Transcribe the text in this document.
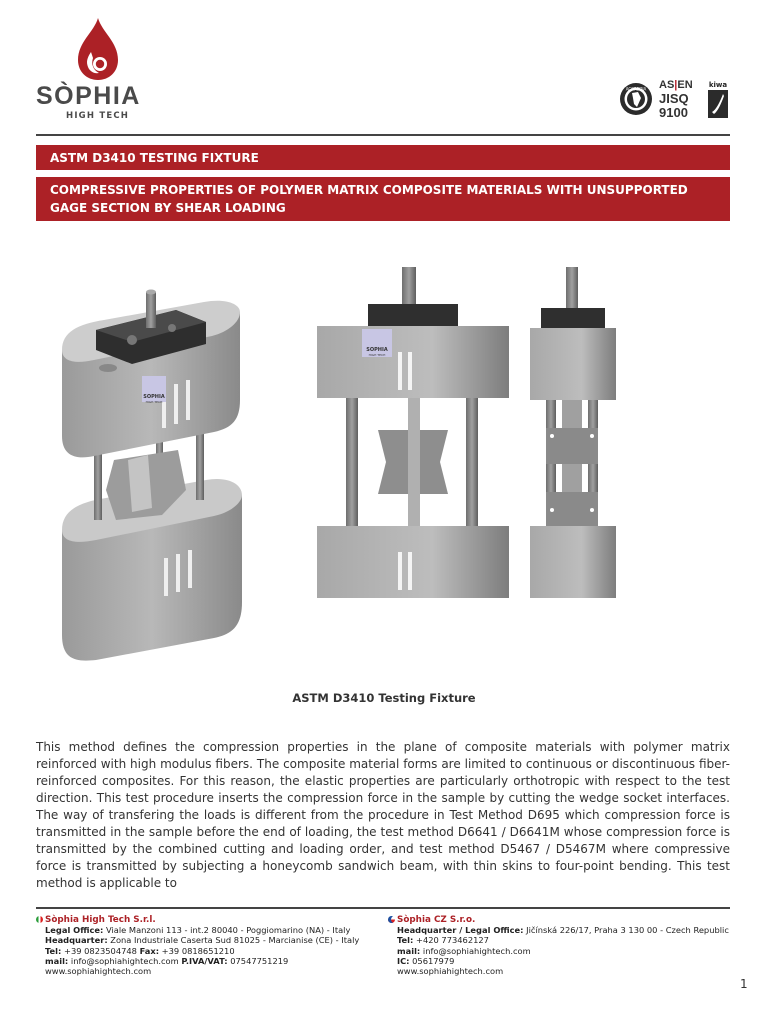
SÒPHIA
HIGH TECH
ACCREDIA AS|EN
JISQ
9100
kiwa
ASTM D3410 TESTING FIXTURE
COMPRESSIVE PROPERTIES OF POLYMER MATRIX COMPOSITE MATERIALS WITH UNSUPPORTED GAGE SECTION BY SHEAR LOADING
SOPHIA
HIGH TECH
SOPHIA
HIGH TECH
ASTM D3410 Testing Fixture
This method defines the compression properties in the plane of composite materials with polymer matrix reinforced with high modulus fibers. The composite material forms are limited to continuous or discontinuous fiber-reinforced composites. For this reason, the elastic properties are particularly orthotropic with respect to the test direction. This test procedure inserts the compression force in the sample by cutting the wedge socket interfaces. The way of transfering the loads is different from the procedure in Test Method D695 which compression force is transmitted in the sample before the end of loading, the test method D6641 / D6641M whose compression force is transmitted by the combined cutting and loading order, and test method D5467 / D5467M where compressive force is transmitted by subjecting a honeycomb sandwich beam, with thin skins to four-point bending. This test method is applicable to
Sòphia High Tech S.r.l.
Legal Office: Viale Manzoni 113 - int.2 80040 - Poggiomarino (NA) - Italy
Headquarter: Zona Industriale Caserta Sud 81025 - Marcianise (CE) - Italy
Tel: +39 0823504748 Fax: +39 0818651210
mail: info@sophiahightech.com P.IVA/VAT: 07547751219
www.sophiahightech.com
Sòphia CZ S.r.o.
Headquarter / Legal Office: Jičínská 226/17, Praha 3 130 00 - Czech Republic
Tel: +420 773462127
mail: info@sophiahightech.com
IC: 05617979
www.sophiahightech.com
1
